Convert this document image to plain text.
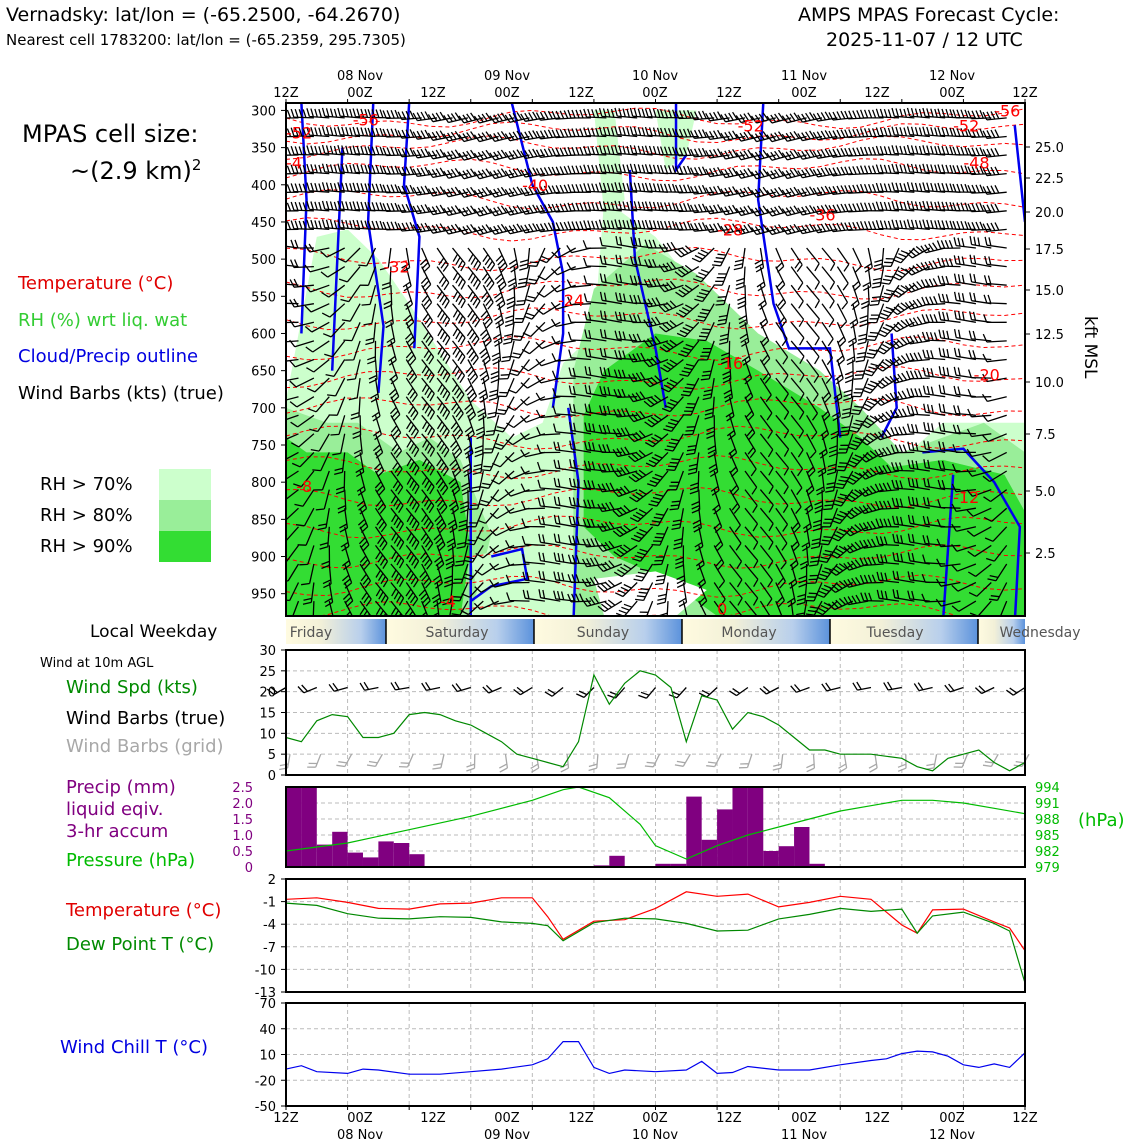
Vernadsky: lat/lon = (-65.2500, -64.2670)
Nearest cell 1783200: lat/lon = (-65.2359, 295.7305)
AMPS MPAS Forecast Cycle:
2025-11-07 / 12 UTC
MPAS cell size:
~(2.9 km)$^2$
Temperature (°C)
RH (%) wrt liq. wat
Cloud/Precip outline
Wind Barbs (kts) (true)
RH > 70%
RH > 80%
RH > 90%
Local Weekday
Wind at 10m AGL
Wind Spd (kts)
Wind Barbs (true)
Wind Barbs (grid)
Precip (mm)
liquid eqiv.
3-hr accum
Pressure (hPa)
(hPa)
Temperature (°C)
Dew Point T (°C)
Wind Chill T (°C)
kft MSL
-56
-52
-4
-40
-32
-24
-28
-16
-52
-36
-52
-48
-56
-20
-12
-8
-4	0
300
350
400
450
500
550
600
650
700
750
800
850
900
950
25.0
22.5
20.0
17.5
15.0
12.5
10.0
7.5
5.0
2.5
12Z	00Z	12Z	00Z	12Z	00Z	12Z	00Z	12Z	00Z	12Z
08 Nov
08 Nov
09 Nov
09 Nov
10 Nov
10 Nov
11 Nov
11 Nov
12 Nov
12 Nov
12Z	00Z	12Z	00Z	12Z	00Z	12Z	00Z	12Z	00Z	12Z
Friday	Saturday	Sunday	Monday	Tuesday	Wednesday
0
5
10
15
20
25
30
0
0.5
1.0
1.5
2.0
2.5
979
982
985
988
991
994
2
-1
-4
-7
-10
-13
-50
-20
10
40
70
